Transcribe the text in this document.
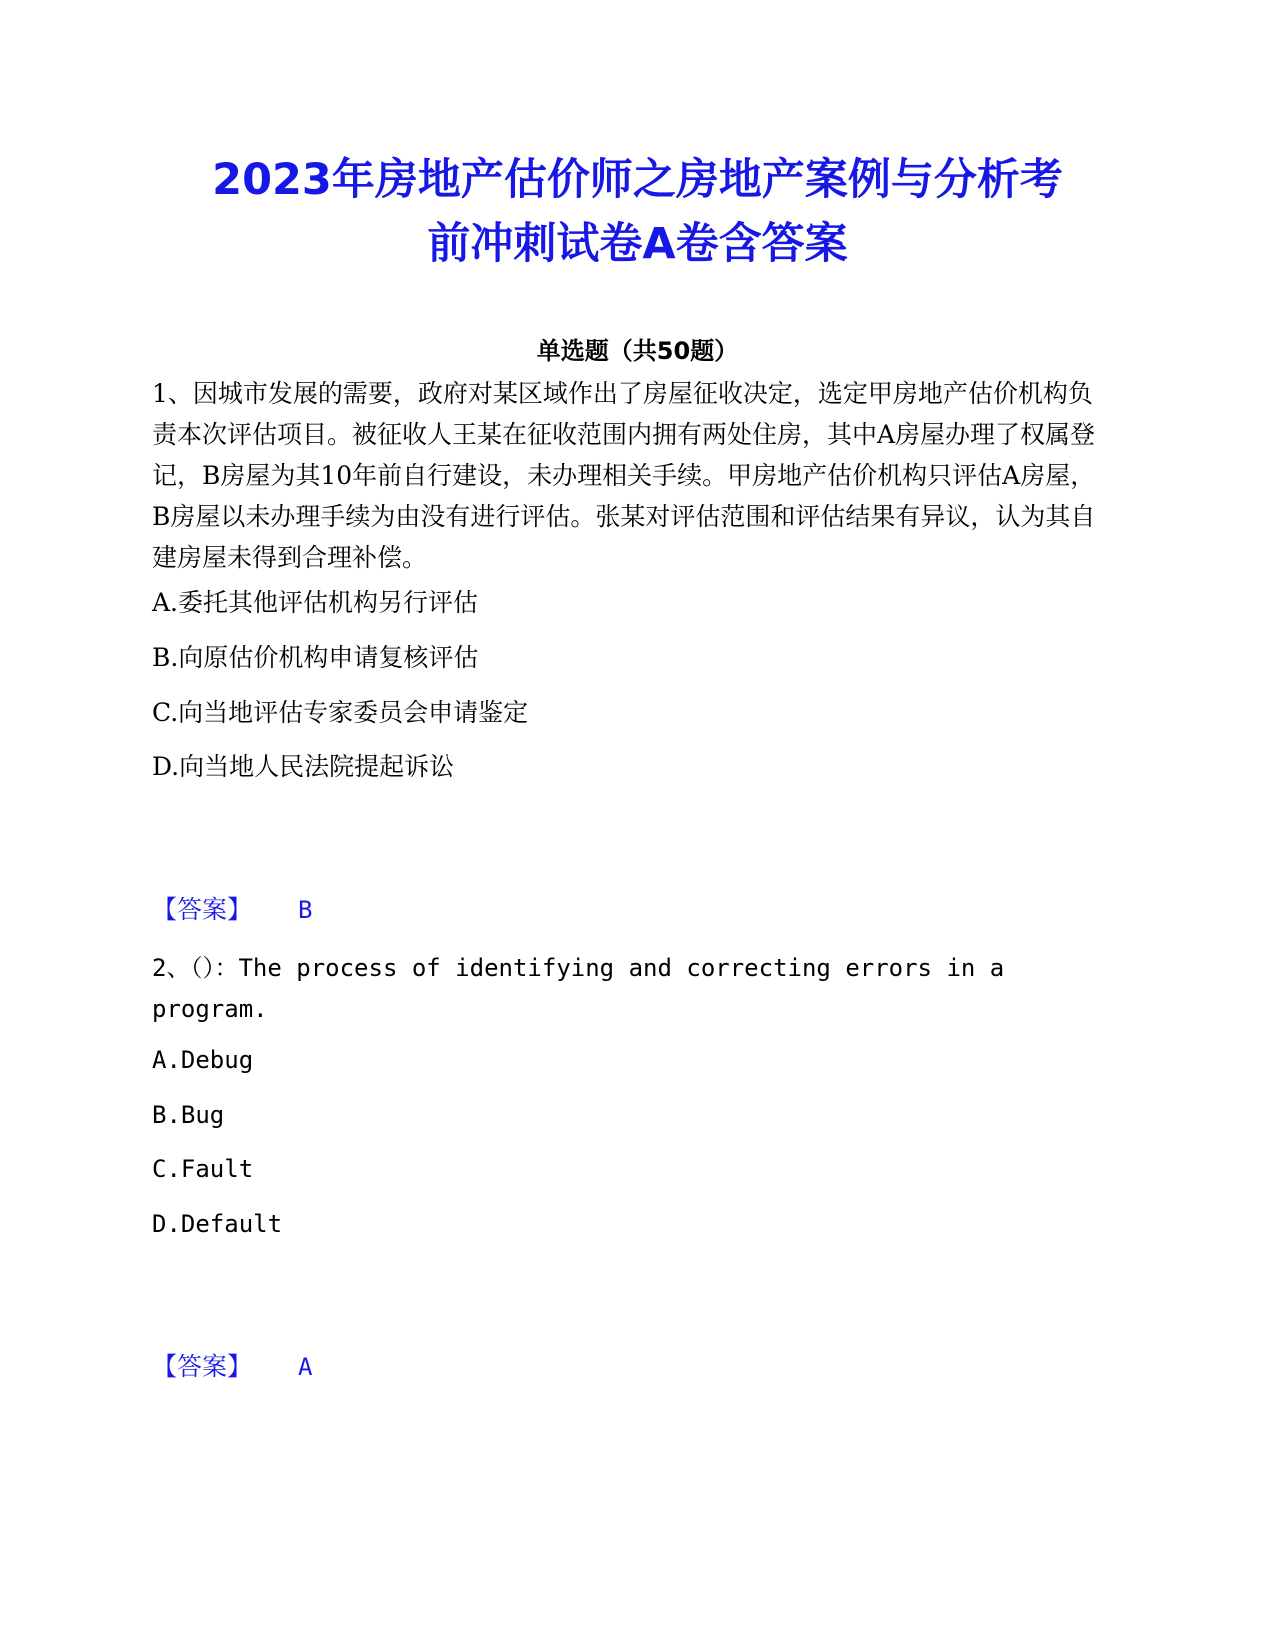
2023年房地产估价师之房地产案例与分析考
前冲刺试卷A卷含答案
单选题（共50题）

1、因城市发展的需要，政府对某区域作出了房屋征收决定，选定甲房地产估价机构负责本次评估项目。被征收人王某在征收范围内拥有两处住房，其中A房屋办理了权属登记，B房屋为其10年前自行建设，未办理相关手续。甲房地产估价机构只评估A房屋，B房屋以未办理手续为由没有进行评估。张某对评估范围和评估结果有异议，认为其自建房屋未得到合理补偿。

A.委托其他评估机构另行评估

B.向原估价机构申请复核评估

C.向当地评估专家委员会申请鉴定

D.向当地人民法院提起诉讼

【答案】 B

2、（）：The process of identifying and correcting errors in a program.

A.Debug

B.Bug

C.Fault

D.Default

【答案】 A
